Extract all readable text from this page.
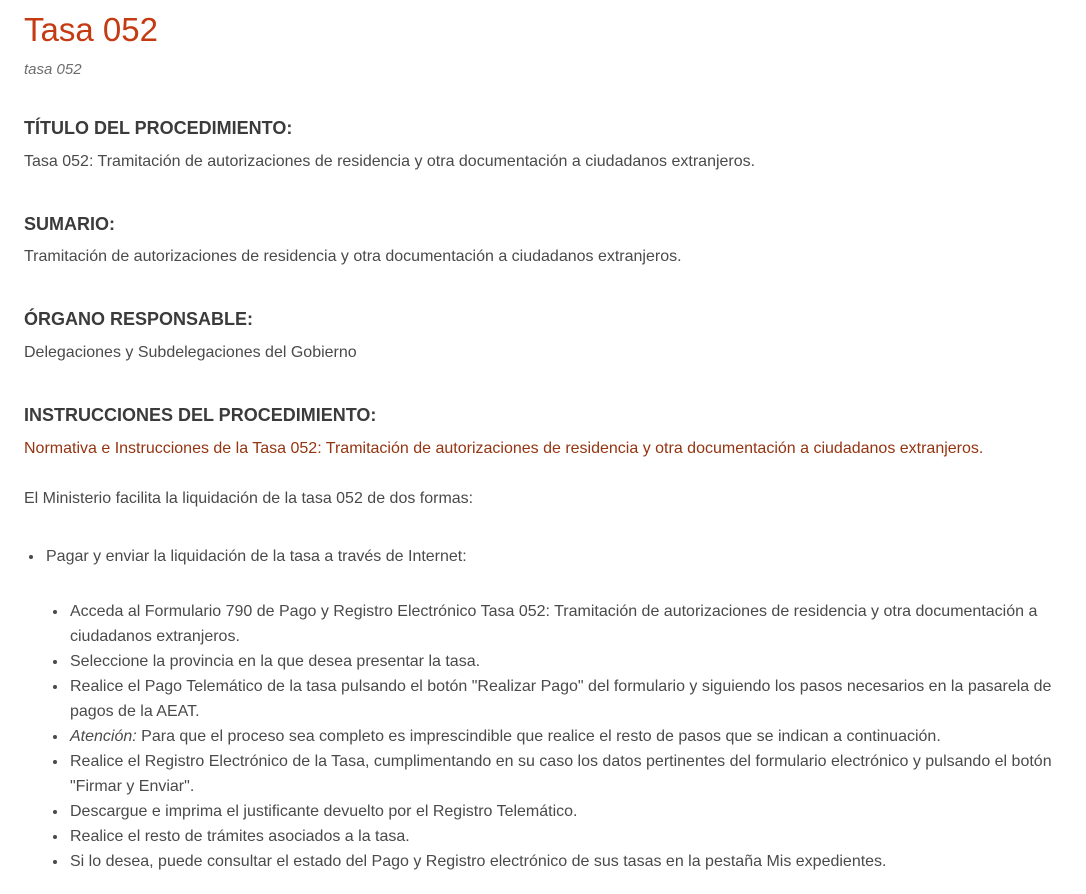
Tasa 052

tasa 052

TÍTULO DEL PROCEDIMIENTO:

Tasa 052: Tramitación de autorizaciones de residencia y otra documentación a ciudadanos extranjeros.

SUMARIO:

Tramitación de autorizaciones de residencia y otra documentación a ciudadanos extranjeros.

ÓRGANO RESPONSABLE:

Delegaciones y Subdelegaciones del Gobierno

INSTRUCCIONES DEL PROCEDIMIENTO:

Normativa e Instrucciones de la Tasa 052: Tramitación de autorizaciones de residencia y otra documentación a ciudadanos extranjeros.

El Ministerio facilita la liquidación de la tasa 052 de dos formas:

• Pagar y enviar la liquidación de la tasa a través de Internet:
• Acceda al Formulario 790 de Pago y Registro Electrónico Tasa 052: Tramitación de autorizaciones de residencia y otra documentación a ciudadanos extranjeros.
• Seleccione la provincia en la que desea presentar la tasa.
• Realice el Pago Telemático de la tasa pulsando el botón "Realizar Pago" del formulario y siguiendo los pasos necesarios en la pasarela de pagos de la AEAT.
• Atención: Para que el proceso sea completo es imprescindible que realice el resto de pasos que se indican a continuación.
• Realice el Registro Electrónico de la Tasa, cumplimentando en su caso los datos pertinentes del formulario electrónico y pulsando el botón "Firmar y Enviar".
• Descargue e imprima el justificante devuelto por el Registro Telemático.
• Realice el resto de trámites asociados a la tasa.
• Si lo desea, puede consultar el estado del Pago y Registro electrónico de sus tasas en la pestaña Mis expedientes.
